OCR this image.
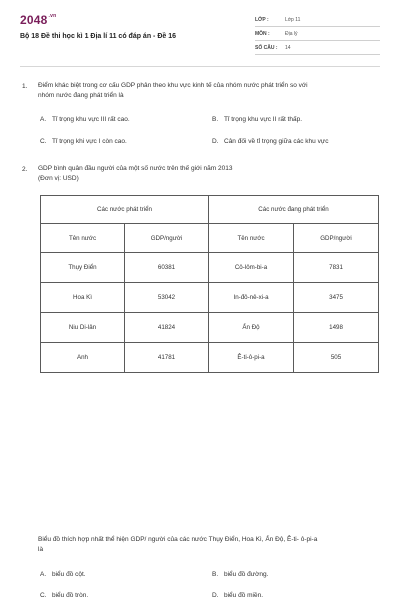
$2048^{.vn}$
Bộ 18 Đề thi học kì 1 Địa lí 11 có đáp án - Đề 16
LỚP :	Lớp 11
MÔN :	Địa lý
SỐ CÂU : 14
1. Điểm khác biệt trong cơ cấu GDP phân theo khu vực kinh tế của nhóm nước phát triển so với
nhóm nước đang phát triển là
A. Tỉ trọng khu vực III rất cao.	B. Tỉ trọng khu vực II rất thấp.
C. Tỉ trọng khi vực I còn cao.	D. Cân đối về tỉ trọng giữa các khu vực
2. GDP bình quân đầu người của một số nước trên thế giới năm 2013
(Đơn vị: USD)
Các nước phát triển		Các nước đang phát triển	
Tên nước	GDP/người	Tên nước	GDP/người
Thụy Điển	60381	Cô-lôm-bi-a	7831
Hoa Kì	53042	In-đô-nê-xi-a	3475
Niu Di-lân	41824	Ấn Độ	1498
Anh	41781	Ê-ti-ô-pi-a	505
Biểu đồ thích hợp nhất thể hiện GDP/ người của các nước Thụy Điển, Hoa Kì, Ấn Độ, Ê-ti- ô-pi-a
là
A. biểu đồ cột.	B. biểu đồ đường.
C. biểu đồ tròn.	D. biểu đồ miền.
